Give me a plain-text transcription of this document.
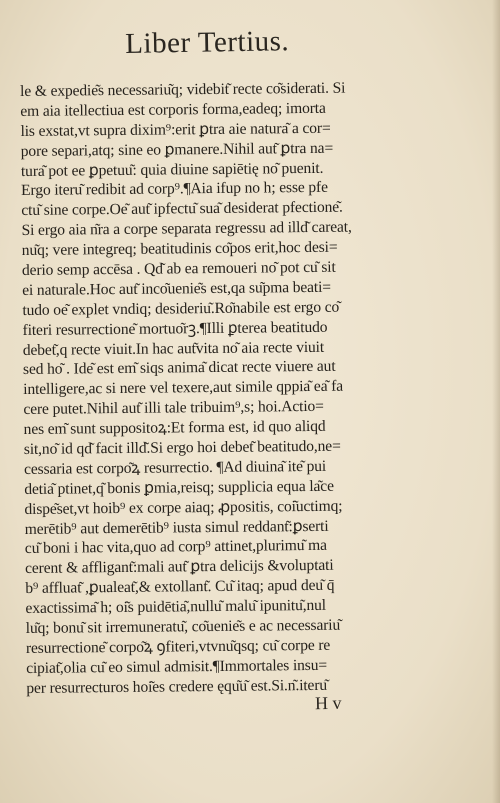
Liber Tertius.
le & expedie͂s necessariu͂q; videbit͂ recte co͂siderati. Si
em aia itellectiua est corporis forma,eadeq; imorta
lis exstat,vt supra dixim⁹:erit ꝑtra aie natura͂ a cor=
pore separi,atq; sine eo ꝑmanere.Nihil aut͂ ꝑtra na=
tura͂ pot ee ꝑpetuu͂: quia diuine sapiētię no͂ puenit.
Ergo iteru͂ redibit ad corp⁹.¶Aia ifup no h; esse pfe
ctu͂ sine corpe.Oe͂ aut͂ ipfectu͂ sua͂ desiderat pfectione͂.
Si ergo aia n͂ra a corpe separata regressu ad illd͂ careat,
nu͂q; vere integreq; beatitudinis co͂pos erit,hoc desi=
derio semp accēsa . Qd͂ ab ea remoueri no͂ pot cu͂ sit
ei naturale.Hoc aut͂ inco͂uenie͂s est,qa su͂pma beati=
tudo oe͂ explet vndiq; desideriu͂.Ro͂nabile est ergo co͂
fiteri resurrectione͂ mortuo͂rꝫ.¶Illi ꝑterea beatitudo
debet͂,q recte viuit.In hac aut͂vita no͂ aia recte viuit
sed ho͂ . Ide͂ est em͂ siqs anima͂ dicat recte viuere aut
intelligere,ac si nere vel texere,aut simile qppia͂ ea͂ fa
cere putet.Nihil aut͂ illi tale tribuim⁹,s; hoi.Actio=
nes em͂ sunt suppositoꝝ:Et forma est, id quo aliqd
sit,no͂ id qd͂ facit illd͂.Si ergo hoi debet͂ beatitudo,ne=
cessaria est corpo͂ꝝ resurrectio. ¶Ad diuina͂ ite͂ pui
detia͂ ptinet,q͂ bonis ꝑmia,reisq; supplicia equa la͂ce
dispe͂set,vt hoib⁹ ex corpe aiaq; ꝓpositis, coi͂uctimq;
merētib⁹ aut demerētib⁹ iusta simul reddant͂:ꝑserti
cu͂ boni i hac vita,quo ad corp⁹ attinet,plurimu͂ ma
cerent & affligant͂:mali aut͂ ꝑtra delicijs &voluptati
b⁹ affluat͂ ,ꝑualeat͂,& extollant͂. Cu͂ itaq; apud deu͂ q̄
exactissima͂ h; oi͂s puidētia͂,nullu͂ malu͂ ipunitu͂,nul
lu͂q; bonu͂ sit irremuneratu͂, co͂uenie͂s e ac necessariu͂
resurrectione͂ corpo͂ꝝ ꝯfiteri,vtvnu͂qsq; cu͂ corpe re
cipiat͂,olia cu͂ eo simul admisit.¶Immortales insu=
per resurrecturos hoi͂es credere ęqu͂u͂ est.Si.n͂.iteru͂
H v
